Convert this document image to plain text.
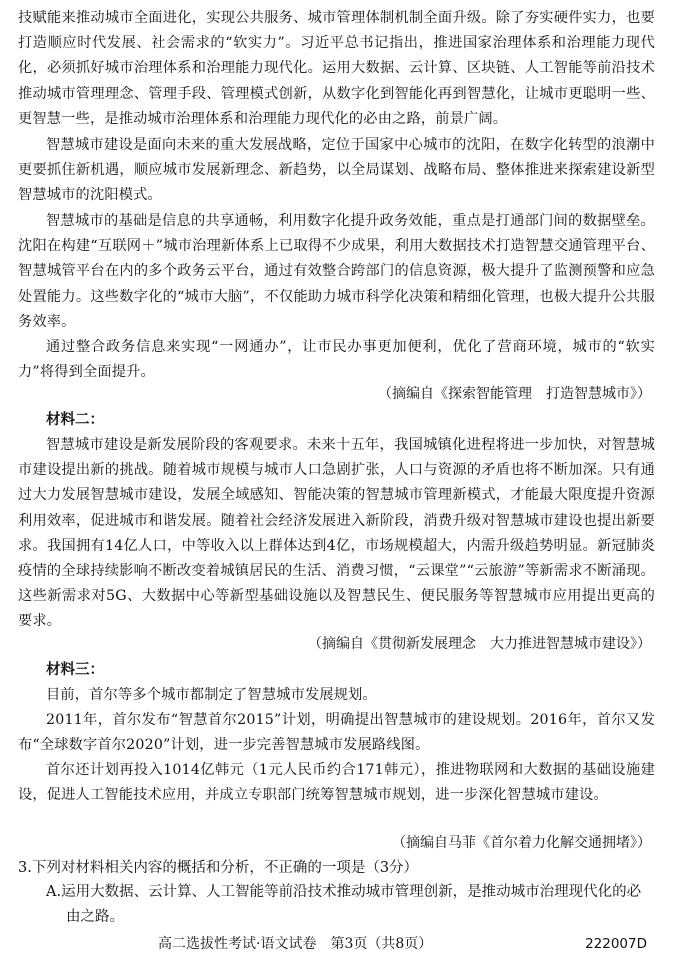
技赋能来推动城市全面进化，实现公共服务、城市管理体制机制全面升级。除了夯实硬件实力，也要打造顺应时代发展、社会需求的“软实力”。习近平总书记指出，推进国家治理体系和治理能力现代化，必须抓好城市治理体系和治理能力现代化。运用大数据、云计算、区块链、人工智能等前沿技术推动城市管理理念、管理手段、管理模式创新，从数字化到智能化再到智慧化，让城市更聪明一些、更智慧一些，是推动城市治理体系和治理能力现代化的必由之路，前景广阔。

智慧城市建设是面向未来的重大发展战略，定位于国家中心城市的沈阳，在数字化转型的浪潮中更要抓住新机遇，顺应城市发展新理念、新趋势，以全局谋划、战略布局、整体推进来探索建设新型智慧城市的沈阳模式。

智慧城市的基础是信息的共享通畅，利用数字化提升政务效能，重点是打通部门间的数据壁垒。沈阳在构建“互联网＋”城市治理新体系上已取得不少成果，利用大数据技术打造智慧交通管理平台、智慧城管平台在内的多个政务云平台，通过有效整合跨部门的信息资源，极大提升了监测预警和应急处置能力。这些数字化的“城市大脑”，不仅能助力城市科学化决策和精细化管理，也极大提升公共服务效率。

通过整合政务信息来实现“一网通办”，让市民办事更加便利，优化了营商环境，城市的“软实力”将得到全面提升。

（摘编自《探索智能管理　打造智慧城市》）

材料二：

智慧城市建设是新发展阶段的客观要求。未来十五年，我国城镇化进程将进一步加快，对智慧城市建设提出新的挑战。随着城市规模与城市人口急剧扩张，人口与资源的矛盾也将不断加深。只有通过大力发展智慧城市建设，发展全域感知、智能决策的智慧城市管理新模式，才能最大限度提升资源利用效率，促进城市和谐发展。随着社会经济发展进入新阶段，消费升级对智慧城市建设也提出新要求。我国拥有14亿人口，中等收入以上群体达到4亿，市场规模超大，内需升级趋势明显。新冠肺炎疫情的全球持续影响不断改变着城镇居民的生活、消费习惯，“云课堂”“云旅游”等新需求不断涌现。这些新需求对5G、大数据中心等新型基础设施以及智慧民生、便民服务等智慧城市应用提出更高的要求。

（摘编自《贯彻新发展理念　大力推进智慧城市建设》）

材料三：

目前，首尔等多个城市都制定了智慧城市发展规划。

2011年，首尔发布“智慧首尔2015”计划，明确提出智慧城市的建设规划。2016年，首尔又发布“全球数字首尔2020”计划，进一步完善智慧城市发展路线图。

首尔还计划再投入1014亿韩元（1元人民币约合171韩元），推进物联网和大数据的基础设施建设，促进人工智能技术应用，并成立专职部门统筹智慧城市规划，进一步深化智慧城市建设。

（摘编自马菲《首尔着力化解交通拥堵》）

3.下列对材料相关内容的概括和分析，不正确的一项是（3分）

A.运用大数据、云计算、人工智能等前沿技术推动城市管理创新，是推动城市治理现代化的必由之路。

高二选拔性考试·语文试卷　第3页（共8页）	222007D
